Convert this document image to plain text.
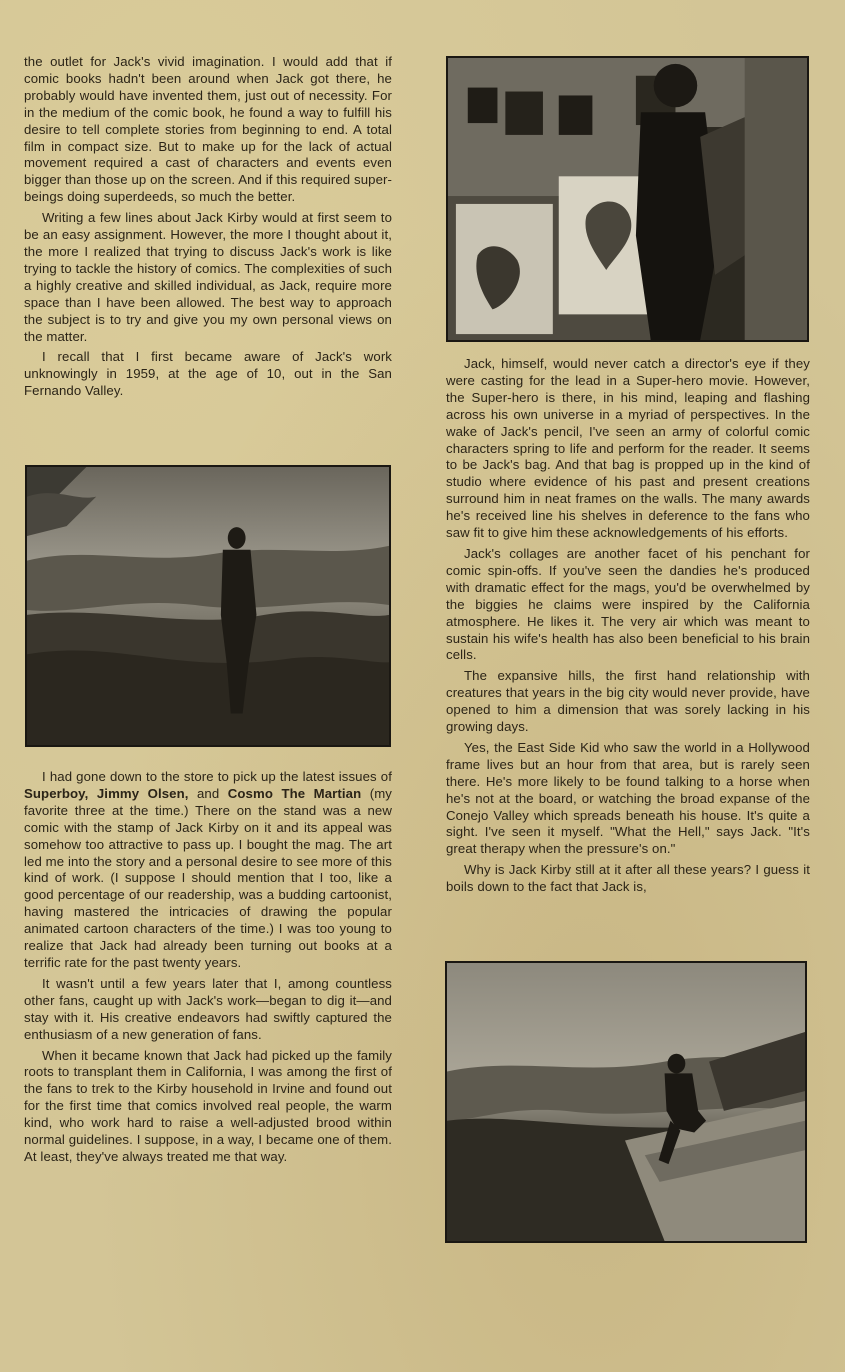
the outlet for Jack's vivid imagination. I would add that if comic books hadn't been around when Jack got there, he probably would have invented them, just out of necessity. For in the medium of the comic book, he found a way to fulfill his desire to tell complete stories from beginning to end. A total film in compact size. But to make up for the lack of actual movement required a cast of characters and events even bigger than those up on the screen. And if this required super-beings doing superdeeds, so much the better.

Writing a few lines about Jack Kirby would at first seem to be an easy assignment. However, the more I thought about it, the more I realized that trying to discuss Jack's work is like trying to tackle the history of comics. The complexities of such a highly creative and skilled individual, as Jack, require more space than I have been allowed. The best way to approach the subject is to try and give you my own personal views on the matter.

I recall that I first became aware of Jack's work unknowingly in 1959, at the age of 10, out in the San Fernando Valley.

I had gone down to the store to pick up the latest issues of Superboy, Jimmy Olsen, and Cosmo The Martian (my favorite three at the time.) There on the stand was a new comic with the stamp of Jack Kirby on it and its appeal was somehow too attractive to pass up. I bought the mag. The art led me into the story and a personal desire to see more of this kind of work. (I suppose I should mention that I too, like a good percentage of our readership, was a budding cartoonist, having mastered the intricacies of drawing the popular animated cartoon characters of the time.) I was too young to realize that Jack had already been turning out books at a terrific rate for the past twenty years.

It wasn't until a few years later that I, among countless other fans, caught up with Jack's work—began to dig it—and stay with it. His creative endeavors had swiftly captured the enthusiasm of a new generation of fans.

When it became known that Jack had picked up the family roots to transplant them in California, I was among the first of the fans to trek to the Kirby household in Irvine and found out for the first time that comics involved real people, the warm kind, who work hard to raise a well-adjusted brood within normal guidelines. I suppose, in a way, I became one of them. At least, they've always treated me that way.

Jack, himself, would never catch a director's eye if they were casting for the lead in a Super-hero movie. However, the Super-hero is there, in his mind, leaping and flashing across his own universe in a myriad of perspectives. In the wake of Jack's pencil, I've seen an army of colorful comic characters spring to life and perform for the reader. It seems to be Jack's bag. And that bag is propped up in the kind of studio where evidence of his past and present creations surround him in neat frames on the walls. The many awards he's received line his shelves in deference to the fans who saw fit to give him these acknowledgements of his efforts.

Jack's collages are another facet of his penchant for comic spin-offs. If you've seen the dandies he's produced with dramatic effect for the mags, you'd be overwhelmed by the biggies he claims were inspired by the California atmosphere. He likes it. The very air which was meant to sustain his wife's health has also been beneficial to his brain cells.

The expansive hills, the first hand relationship with creatures that years in the big city would never provide, have opened to him a dimension that was sorely lacking in his growing days.

Yes, the East Side Kid who saw the world in a Hollywood frame lives but an hour from that area, but is rarely seen there. He's more likely to be found talking to a horse when he's not at the board, or watching the broad expanse of the Conejo Valley which spreads beneath his house. It's quite a sight. I've seen it myself. "What the Hell," says Jack. "It's great therapy when the pressure's on."

Why is Jack Kirby still at it after all these years? I guess it boils down to the fact that Jack is,
